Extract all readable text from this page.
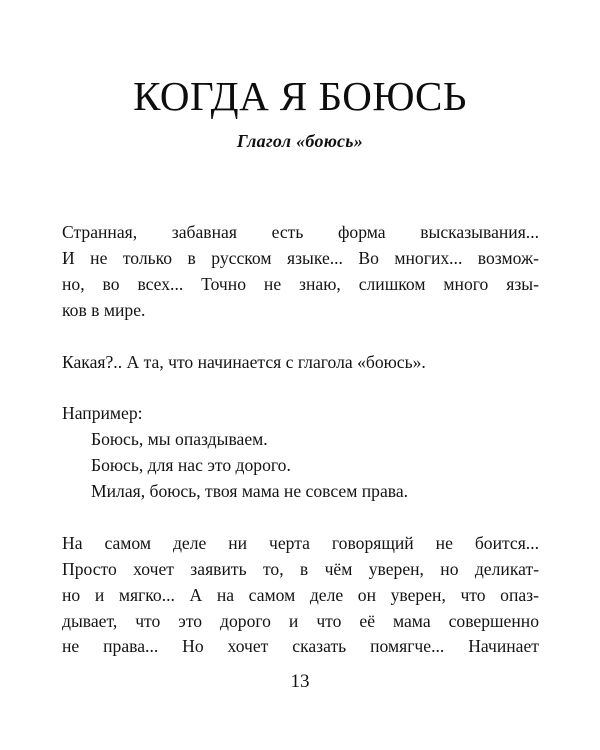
КОГДА Я БОЮСЬ
Глагол «боюсь»

Странная, забавная есть форма высказывания...
И не только в русском языке... Во многих... возмож-
но, во всех... Точно не знаю, слишком много язы-
ков в мире.

Какая?.. А та, что начинается с глагола «боюсь».

Например:
Боюсь, мы опаздываем.
Боюсь, для нас это дорого.
Милая, боюсь, твоя мама не совсем права.

На самом деле ни черта говорящий не боится...
Просто хочет заявить то, в чём уверен, но деликат-
но и мягко... А на самом деле он уверен, что опаз-
дывает, что это дорого и что её мама совершенно
не права... Но хочет сказать помягче... Начинает

13
